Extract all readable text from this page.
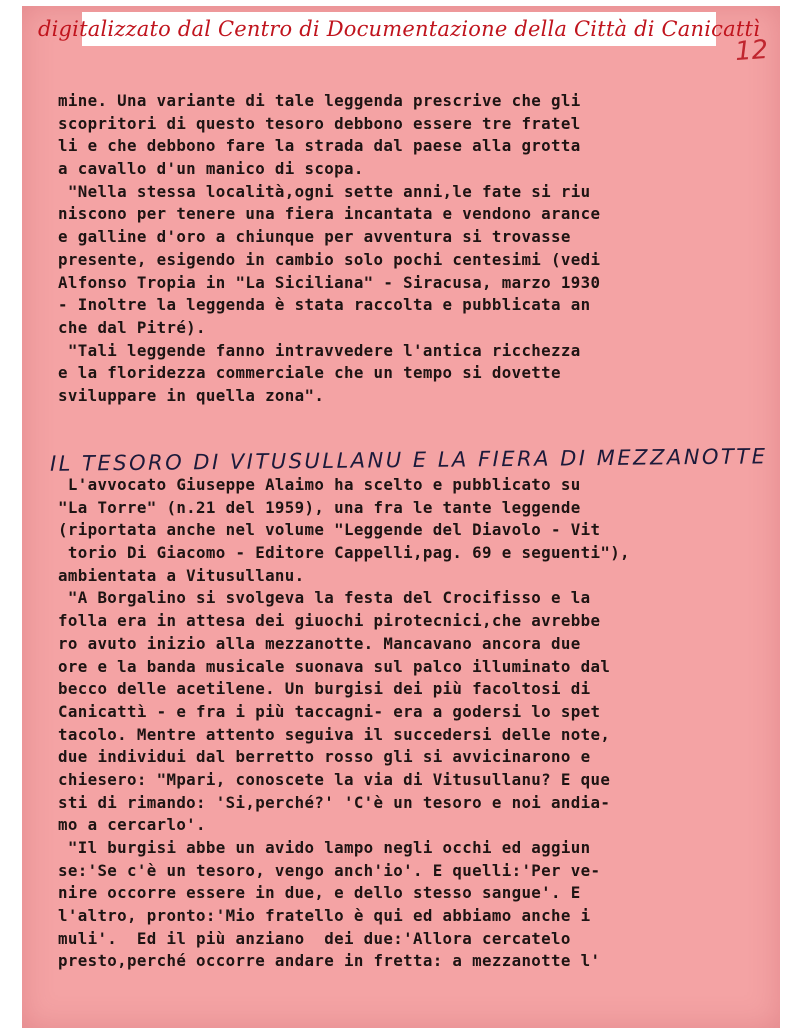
digitalizzato dal Centro di Documentazione della Città di Canicattì
12
mine. Una variante di tale leggenda prescrive che gli
scopritori di questo tesoro debbono essere tre fratel
li e che debbono fare la strada dal paese alla grotta
a cavallo d'un manico di scopa.
"Nella stessa località,ogni sette anni,le fate si riu
niscono per tenere una fiera incantata e vendono arance
e galline d'oro a chiunque per avventura si trovasse
presente, esigendo in cambio solo pochi centesimi (vedi
Alfonso Tropia in "La Siciliana" - Siracusa, marzo 1930
- Inoltre la leggenda è stata raccolta e pubblicata an
che dal Pitré).
"Tali leggende fanno intravvedere l'antica ricchezza
e la floridezza commerciale che un tempo si dovette
sviluppare in quella zona".
IL TESORO DI VITUSULLANU E LA FIERA DI MEZZANOTTE
L'avvocato Giuseppe Alaimo ha scelto e pubblicato su
"La Torre" (n.21 del 1959), una fra le tante leggende
(riportata anche nel volume "Leggende del Diavolo - Vit
torio Di Giacomo - Editore Cappelli,pag. 69 e seguenti"),
ambientata a Vitusullanu.
"A Borgalino si svolgeva la festa del Crocifisso e la
folla era in attesa dei giuochi pirotecnici,che avrebbe
ro avuto inizio alla mezzanotte. Mancavano ancora due
ore e la banda musicale suonava sul palco illuminato dal
becco delle acetilene. Un burgisi dei più facoltosi di
Canicattì - e fra i più taccagni- era a godersi lo spet
tacolo. Mentre attento seguiva il succedersi delle note,
due individui dal berretto rosso gli si avvicinarono e
chiesero: "Mpari, conoscete la via di Vitusullanu? E que
sti di rimando: 'Si,perché?' 'C'è un tesoro e noi andia-
mo a cercarlo'.
"Il burgisi abbe un avido lampo negli occhi ed aggiun
se:'Se c'è un tesoro, vengo anch'io'. E quelli:'Per ve-
nire occorre essere in due, e dello stesso sangue'. E
l'altro, pronto:'Mio fratello è qui ed abbiamo anche i
muli'.  Ed il più anziano  dei due:'Allora cercatelo
presto,perché occorre andare in fretta: a mezzanotte l'
